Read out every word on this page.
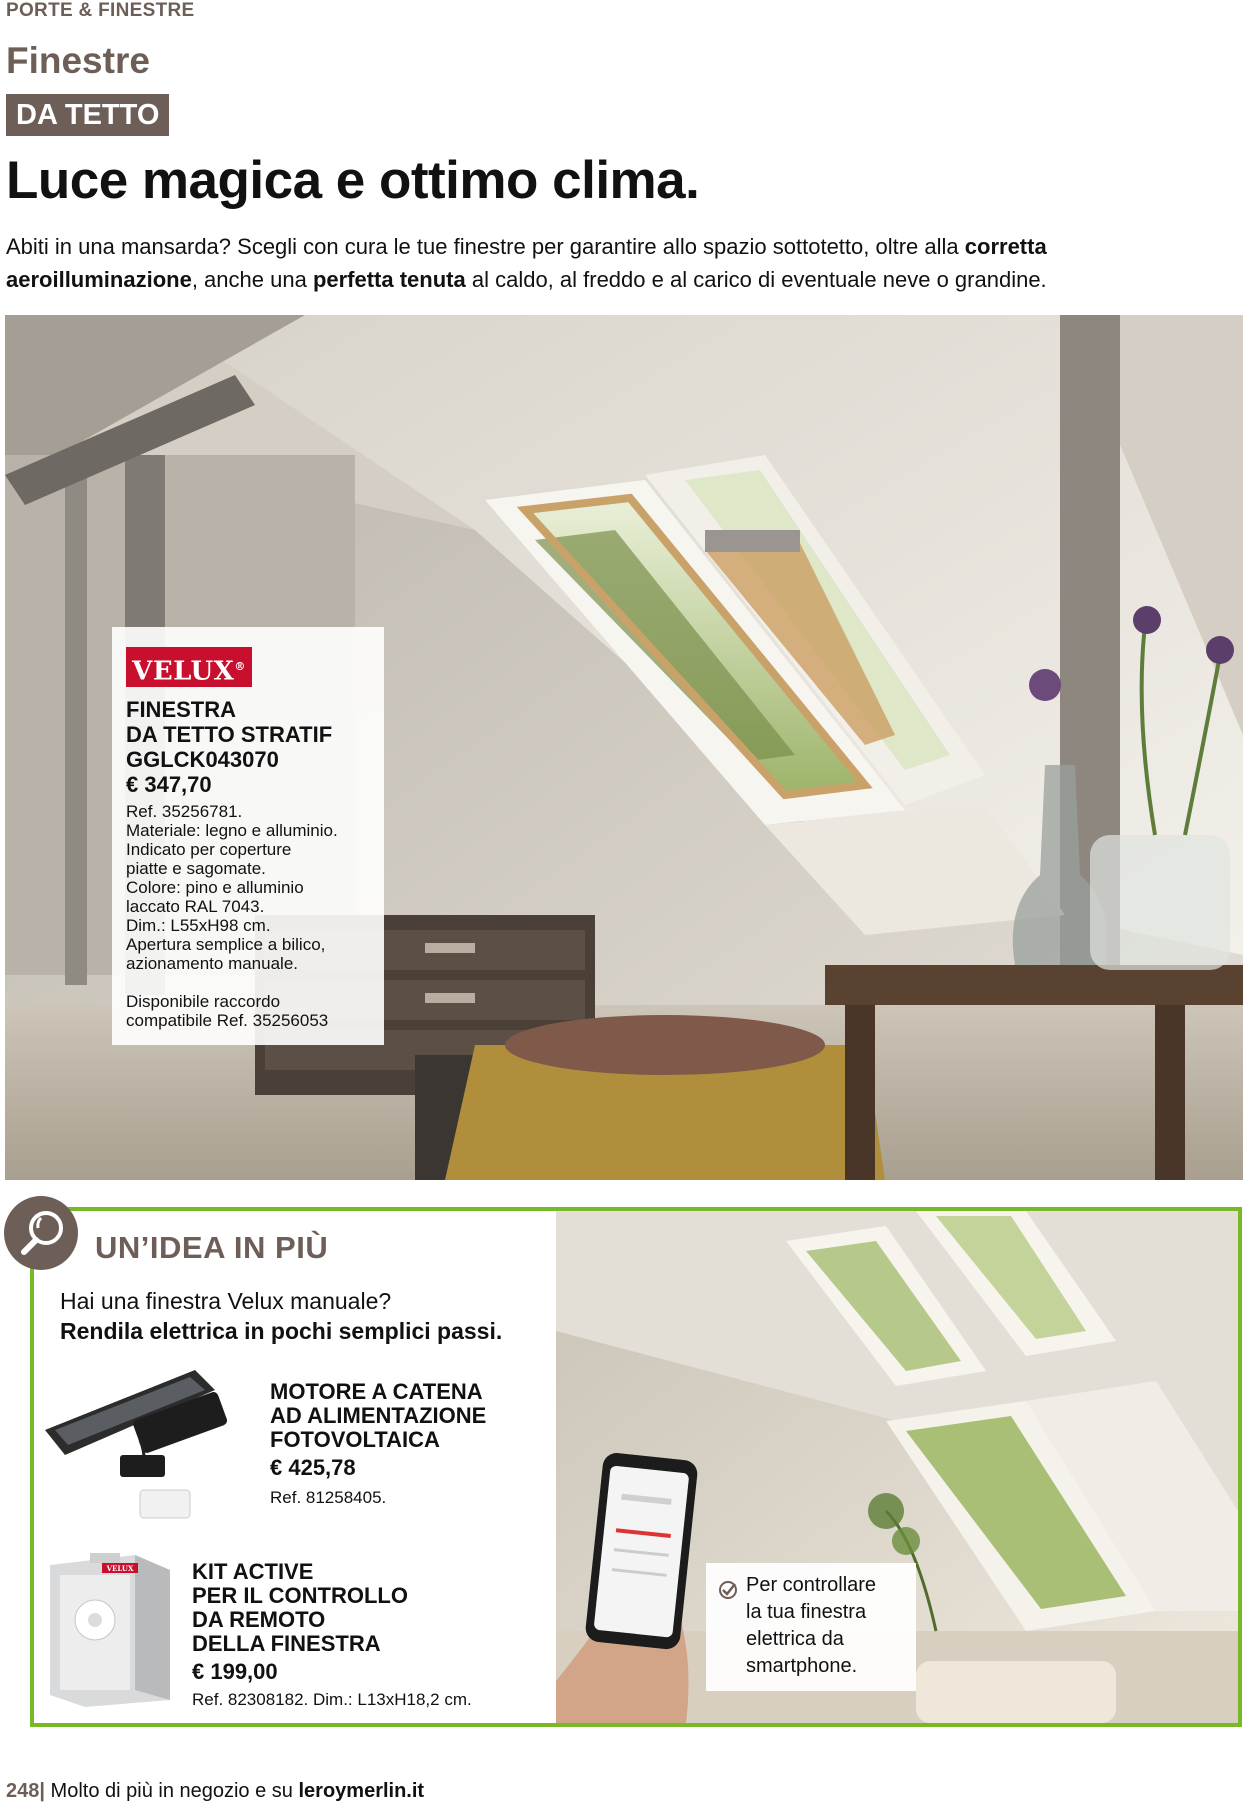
PORTE & FINESTRE
Finestre
DA TETTO
Luce magica e ottimo clima.

Abiti in una mansarda? Scegli con cura le tue finestre per garantire allo spazio sottotetto, oltre alla corretta aeroilluminazione, anche una perfetta tenuta al caldo, al freddo e al carico di eventuale neve o grandine.

VELUX®
FINESTRA
DA TETTO STRATIF
GGLCK043070
€ 347,70
Ref. 35256781.
Materiale: legno e alluminio.
Indicato per coperture
piatte e sagomate.
Colore: pino e alluminio
laccato RAL 7043.
Dim.: L55xH98 cm.
Apertura semplice a bilico,
azionamento manuale.
Disponibile raccordo
compatibile Ref. 35256053
UN’IDEA IN PIÙ
Hai una finestra Velux manuale?
Rendila elettrica in pochi semplici passi.
MOTORE A CATENA
AD ALIMENTAZIONE
FOTOVOLTAICA
€ 425,78
Ref. 81258405.
VELUX	KIT ACTIVE
PER IL CONTROLLO
DA REMOTO
DELLA FINESTRA
€ 199,00
Ref. 82308182. Dim.: L13xH18,2 cm.
Per controllare
la tua finestra
elettrica da
smartphone.
248| Molto di più in negozio e su leroymerlin.it
